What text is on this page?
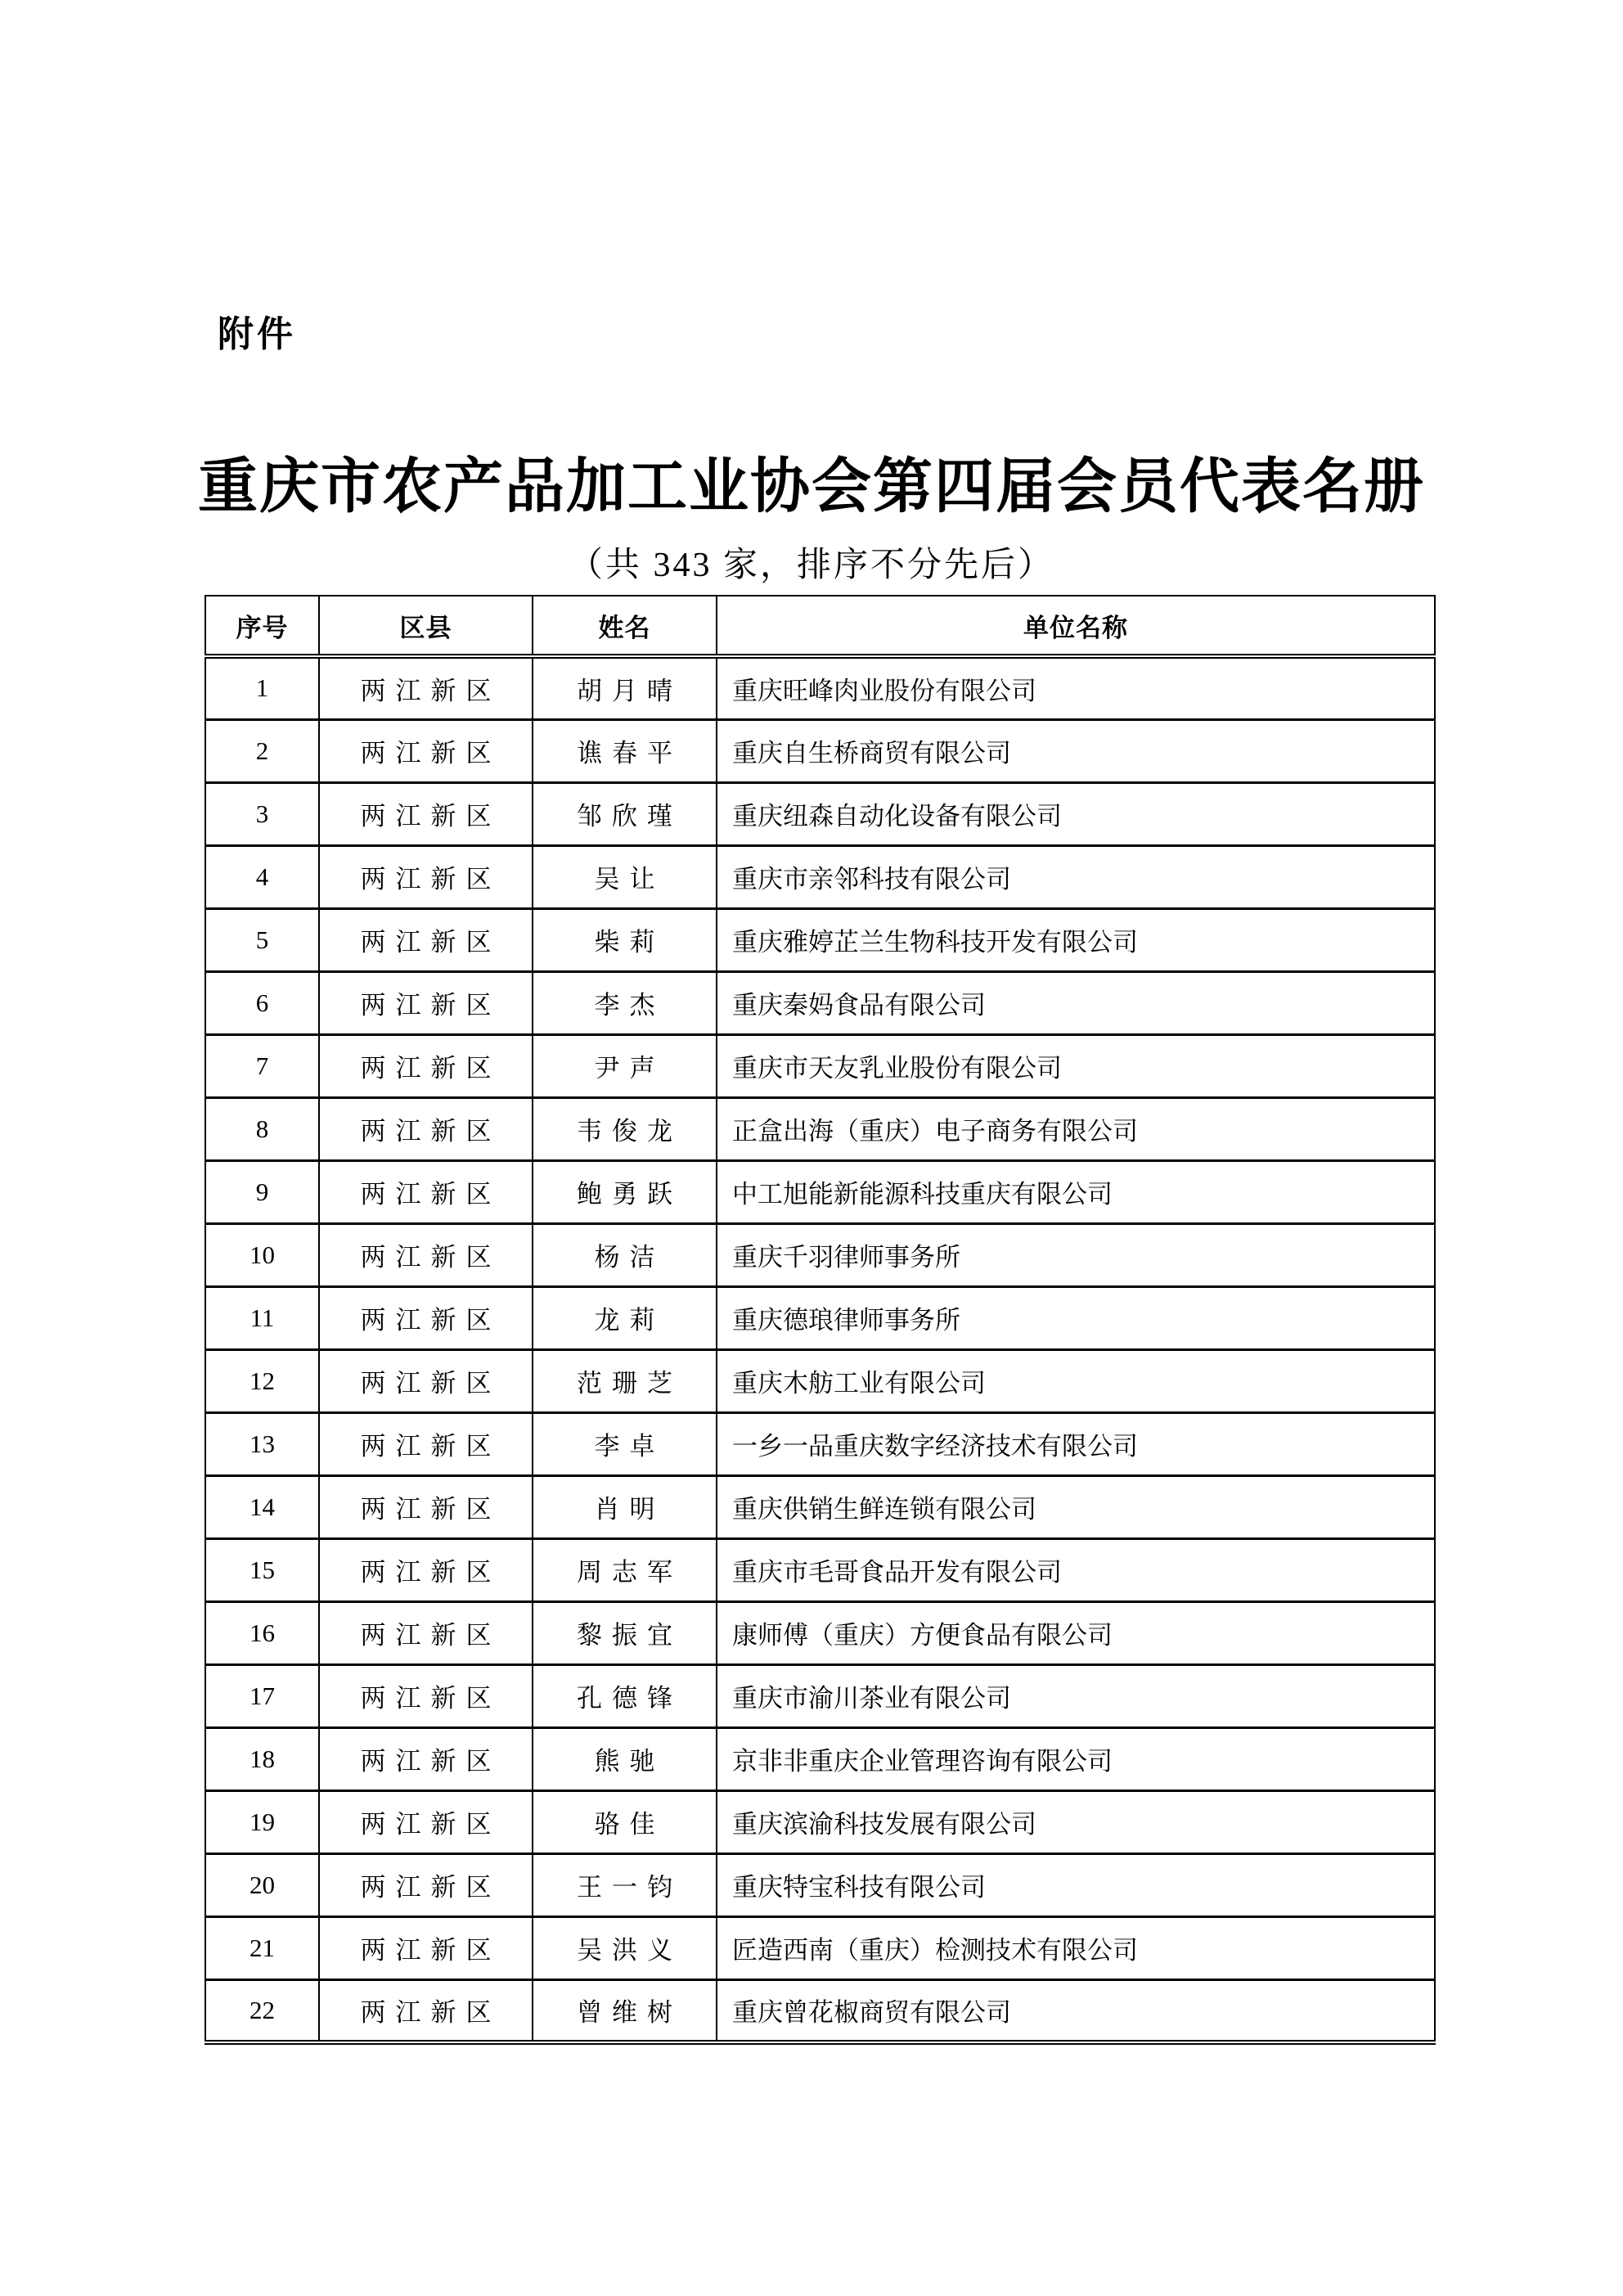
附件
重庆市农产品加工业协会第四届会员代表名册
（共 343 家，排序不分先后）
序号	区县	姓名	单位名称
1	两江新区	胡月晴	重庆旺峰肉业股份有限公司
2	两江新区	谯春平	重庆自生桥商贸有限公司
3	两江新区	邹欣瑾	重庆纽森自动化设备有限公司
4	两江新区	吴让	重庆市亲邻科技有限公司
5	两江新区	柴莉	重庆雅婷芷兰生物科技开发有限公司
6	两江新区	李杰	重庆秦妈食品有限公司
7	两江新区	尹声	重庆市天友乳业股份有限公司
8	两江新区	韦俊龙	正盒出海（重庆）电子商务有限公司
9	两江新区	鲍勇跃	中工旭能新能源科技重庆有限公司
10	两江新区	杨洁	重庆千羽律师事务所
11	两江新区	龙莉	重庆德琅律师事务所
12	两江新区	范珊芝	重庆木舫工业有限公司
13	两江新区	李卓	一乡一品重庆数字经济技术有限公司
14	两江新区	肖明	重庆供销生鲜连锁有限公司
15	两江新区	周志军	重庆市毛哥食品开发有限公司
16	两江新区	黎振宜	康师傅（重庆）方便食品有限公司
17	两江新区	孔德锋	重庆市渝川茶业有限公司
18	两江新区	熊驰	京非非重庆企业管理咨询有限公司
19	两江新区	骆佳	重庆滨渝科技发展有限公司
20	两江新区	王一钧	重庆特宝科技有限公司
21	两江新区	吴洪义	匠造西南（重庆）检测技术有限公司
22	两江新区	曾维树	重庆曾花椒商贸有限公司
